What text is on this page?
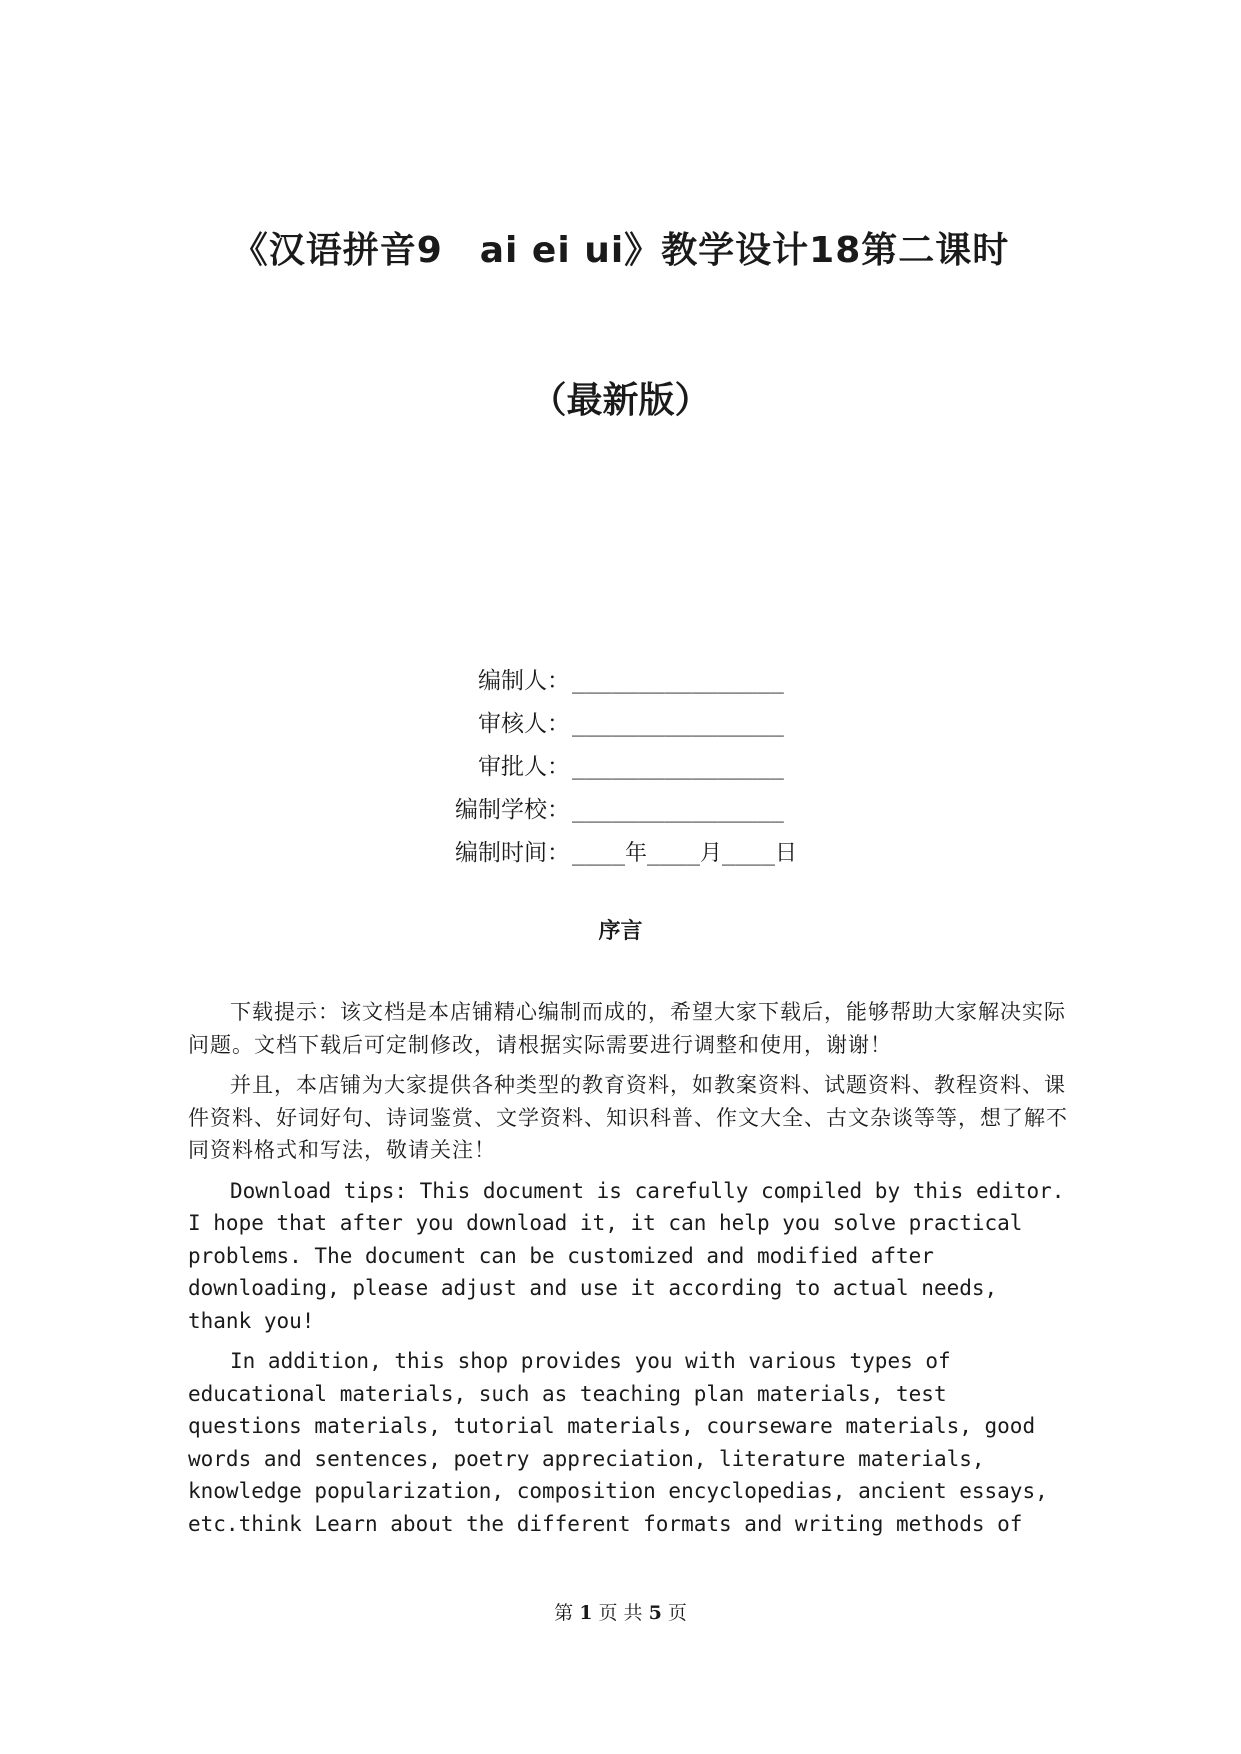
《汉语拼音9　ai ei ui》教学设计18第二课时
（最新版）
编制人： ________________
审核人： ________________
审批人： ________________
编制学校： ________________
编制时间： ____年____月____日
序言

下载提示：该文档是本店铺精心编制而成的，希望大家下载后，能够帮助大家解决实际问题。文档下载后可定制修改，请根据实际需要进行调整和使用，谢谢！

并且，本店铺为大家提供各种类型的教育资料，如教案资料、试题资料、教程资料、课件资料、好词好句、诗词鉴赏、文学资料、知识科普、作文大全、古文杂谈等等，想了解不同资料格式和写法，敬请关注！

Download tips: This document is carefully compiled by this editor. I hope that after you download it, it can help you solve practical problems. The document can be customized and modified after downloading, please adjust and use it according to actual needs, thank you!

In addition, this shop provides you with various types of educational materials, such as teaching plan materials, test questions materials, tutorial materials, courseware materials, good words and sentences, poetry appreciation, literature materials, knowledge popularization, composition encyclopedias, ancient essays, etc.think Learn about the different formats and writing methods of

第 1 页 共 5 页
